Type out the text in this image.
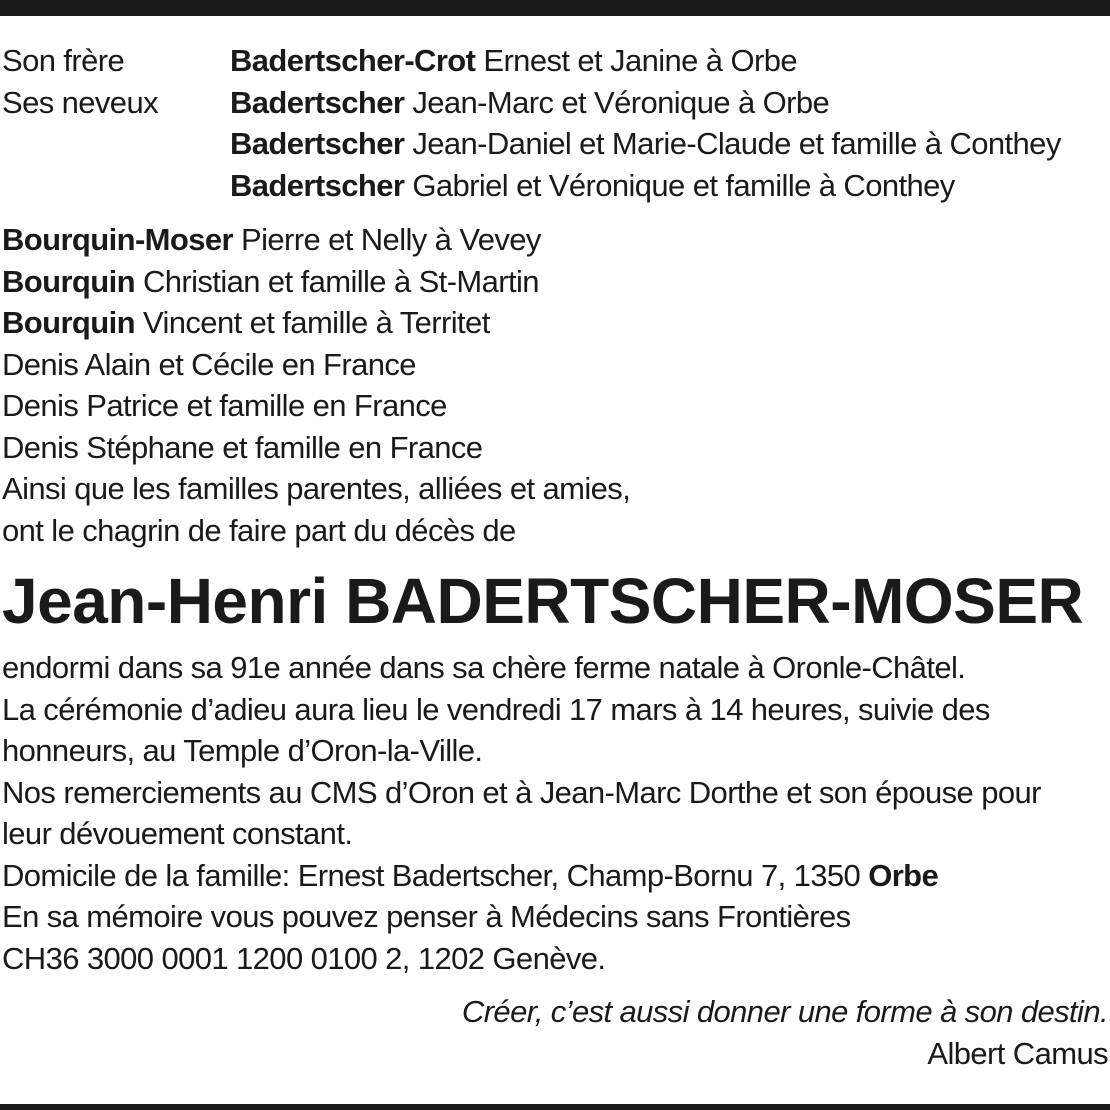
Son frère	Badertscher-Crot Ernest et Janine à Orbe
Ses neveux	Badertscher Jean-Marc et Véronique à Orbe
Badertscher Jean-Daniel et Marie-Claude et famille à Conthey
Badertscher Gabriel et Véronique et famille à Conthey
Bourquin-Moser Pierre et Nelly à Vevey
Bourquin Christian et famille à St-Martin
Bourquin Vincent et famille à Territet
Denis Alain et Cécile en France
Denis Patrice et famille en France
Denis Stéphane et famille en France
Ainsi que les familles parentes, alliées et amies,
ont le chagrin de faire part du décès de
Jean-Henri BADERTSCHER-MOSER
endormi dans sa 91e année dans sa chère ferme natale à Oronle-Châtel.
La cérémonie d’adieu aura lieu le vendredi 17 mars à 14 heures, suivie des
honneurs, au Temple d’Oron-la-Ville.
Nos remerciements au CMS d’Oron et à Jean-Marc Dorthe et son épouse pour
leur dévouement constant.
Domicile de la famille: Ernest Badertscher, Champ-Bornu 7, 1350 Orbe
En sa mémoire vous pouvez penser à Médecins sans Frontières
CH36 3000 0001 1200 0100 2, 1202 Genève.
Créer, c’est aussi donner une forme à son destin.
Albert Camus
